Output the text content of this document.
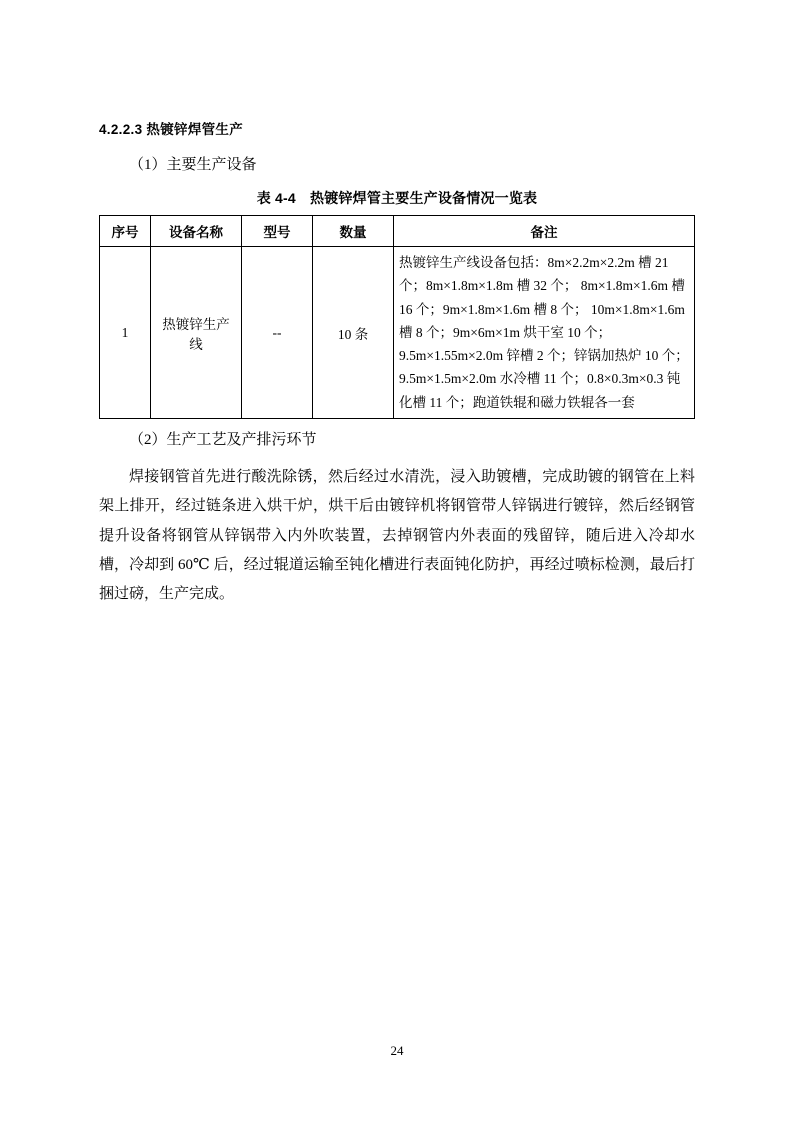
4.2.2.3 热镀锌焊管生产

（1）主要生产设备

表 4-4　热镀锌焊管主要生产设备情况一览表
序号	设备名称	型号	数量	备注
1	热镀锌生产线	--	10 条	热镀锌生产线设备包括：8m×2.2m×2.2m 槽 21 个；8m×1.8m×1.8m 槽 32 个； 8m×1.8m×1.6m 槽 16 个；9m×1.8m×1.6m 槽 8 个； 10m×1.8m×1.6m 槽 8 个；9m×6m×1m 烘干室 10 个； 9.5m×1.55m×2.0m 锌槽 2 个；锌锅加热炉 10 个； 9.5m×1.5m×2.0m 水冷槽 11 个；0.8×0.3m×0.3 钝化槽 11 个；跑道铁辊和磁力铁辊各一套

（2）生产工艺及产排污环节

焊接钢管首先进行酸洗除锈，然后经过水清洗，浸入助镀槽，完成助镀的钢管在上料架上排开，经过链条进入烘干炉，烘干后由镀锌机将钢管带人锌锅进行镀锌，然后经钢管提升设备将钢管从锌锅带入内外吹装置，去掉钢管内外表面的残留锌，随后进入冷却水槽，冷却到 60℃ 后，经过辊道运输至钝化槽进行表面钝化防护，再经过喷标检测，最后打捆过磅，生产完成。

24
